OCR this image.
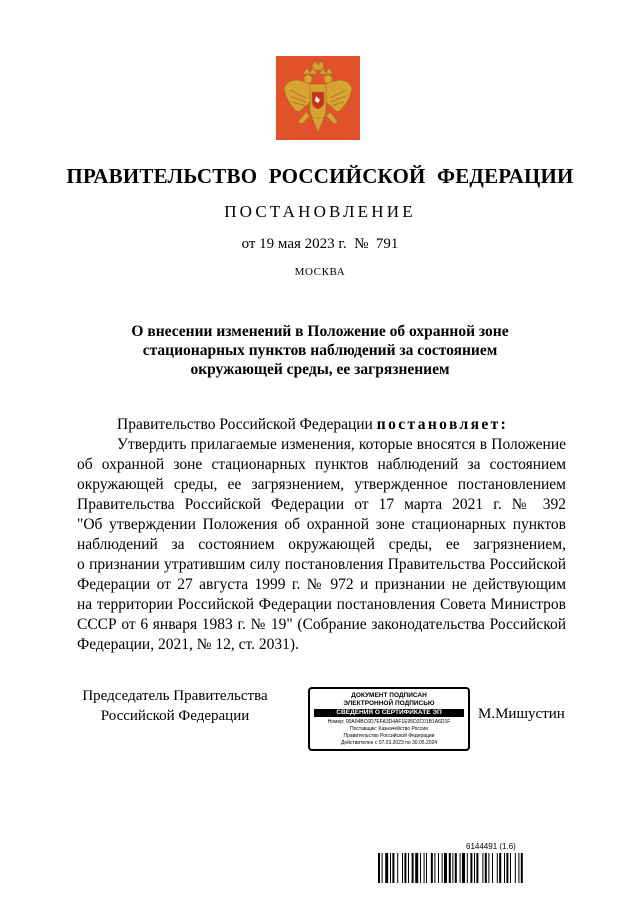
ПРАВИТЕЛЬСТВО РОССИЙСКОЙ ФЕДЕРАЦИИ
ПОСТАНОВЛЕНИЕ
от 19 мая 2023 г.  №  791
МОСКВА
О внесении изменений в Положение об охранной зоне
стационарных пунктов наблюдений за состоянием
окружающей среды, ее загрязнением
Правительство Российской Федерации постановляет:
Утвердить прилагаемые изменения, которые вносятся в Положение
об охранной зоне стационарных пунктов наблюдений за состоянием
окружающей среды, ее загрязнением, утвержденное постановлением
Правительства Российской Федерации от 17 марта 2021 г. № 392
"Об утверждении Положения об охранной зоне стационарных пунктов
наблюдений за состоянием окружающей среды, ее загрязнением,
о признании утратившим силу постановления Правительства Российской
Федерации от 27 августа 1999 г. № 972 и признании не действующим
на территории Российской Федерации постановления Совета Министров
СССР от 6 января 1983 г. № 19" (Собрание законодательства Российской
Федерации, 2021, № 12, ст. 2031).
Председатель Правительства
Российской Федерации
ДОКУМЕНТ ПОДПИСАН
ЭЛЕКТРОННОЙ ПОДПИСЬЮ
СВЕДЕНИЯ О СЕРТИФИКАТЕ ЭП
Номер: 00A04BC6D7EFA3D4AF1E95D2C01B1A6D1F
Поставщик: Казначейство России
Правительство Российской Федерации
Действителен с 07.03.2023 по 30.05.2024
М.Мишустин
6144491 (1.6)
